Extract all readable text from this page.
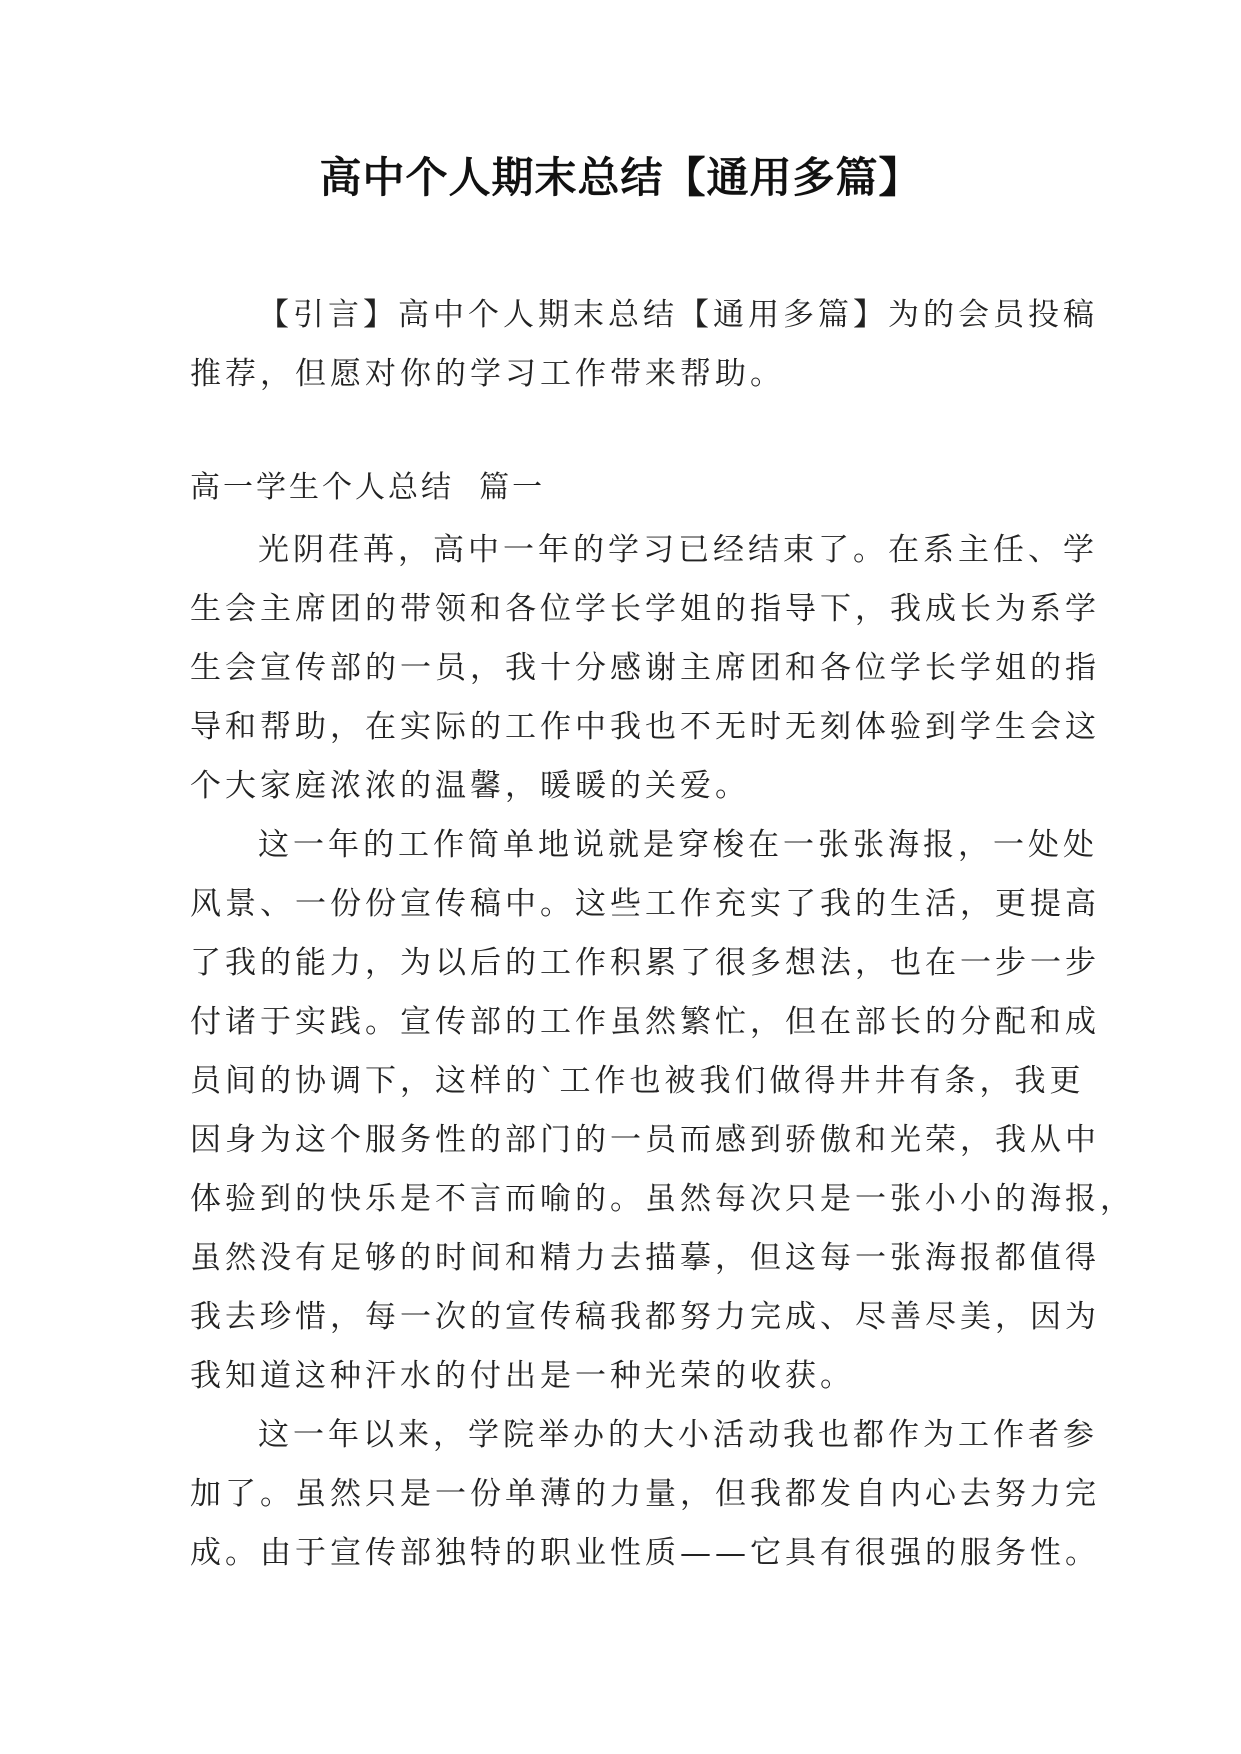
高中个人期末总结【通用多篇】
【引言】高中个人期末总结【通用多篇】为的会员投稿
推荐，但愿对你的学习工作带来帮助。
高一学生个人总结  篇一
光阴荏苒，高中一年的学习已经结束了。在系主任、学
生会主席团的带领和各位学长学姐的指导下，我成长为系学
生会宣传部的一员，我十分感谢主席团和各位学长学姐的指
导和帮助，在实际的工作中我也不无时无刻体验到学生会这
个大家庭浓浓的温馨，暖暖的关爱。
这一年的工作简单地说就是穿梭在一张张海报，一处处
风景、一份份宣传稿中。这些工作充实了我的生活，更提高
了我的能力，为以后的工作积累了很多想法，也在一步一步
付诸于实践。宣传部的工作虽然繁忙，但在部长的分配和成
员间的协调下，这样的`工作也被我们做得井井有条，我更
因身为这个服务性的部门的一员而感到骄傲和光荣，我从中
体验到的快乐是不言而喻的。虽然每次只是一张小小的海报，
虽然没有足够的时间和精力去描摹，但这每一张海报都值得
我去珍惜，每一次的宣传稿我都努力完成、尽善尽美，因为
我知道这种汗水的付出是一种光荣的收获。
这一年以来，学院举办的大小活动我也都作为工作者参
加了。虽然只是一份单薄的力量，但我都发自内心去努力完
成。由于宣传部独特的职业性质——它具有很强的服务性。
